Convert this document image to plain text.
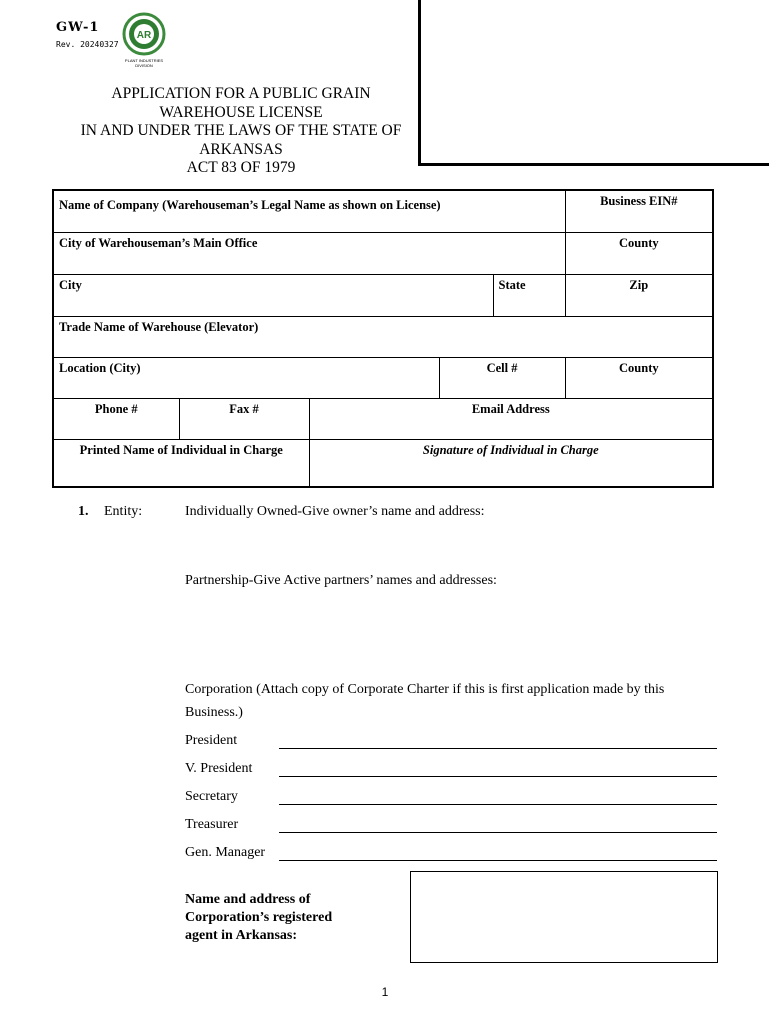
GW-1
Rev. 20240327
AR
PLANT INDUSTRIES DIVISION
APPLICATION FOR A PUBLIC GRAIN
WAREHOUSE LICENSE
IN AND UNDER THE LAWS OF THE STATE OF
ARKANSAS
ACT 83 OF 1979
Name of Company (Warehouseman’s Legal Name as shown on License)					Business EIN#
City of Warehouseman’s Main Office					County
City				State	Zip
Trade Name of Warehouse (Elevator)					
Location (City)			Cell #		County
Phone #	Fax #	Email Address			
Printed Name of Individual in Charge		Signature of Individual in Charge			
1. Entity:	Individually Owned-Give owner’s name and address:
Partnership-Give Active partners’ names and addresses:
Corporation (Attach copy of Corporate Charter if this is first application made by this
Business.)
President
V. President
Secretary
Treasurer
Gen. Manager
Name and address of
Corporation’s registered
agent in Arkansas:
1
